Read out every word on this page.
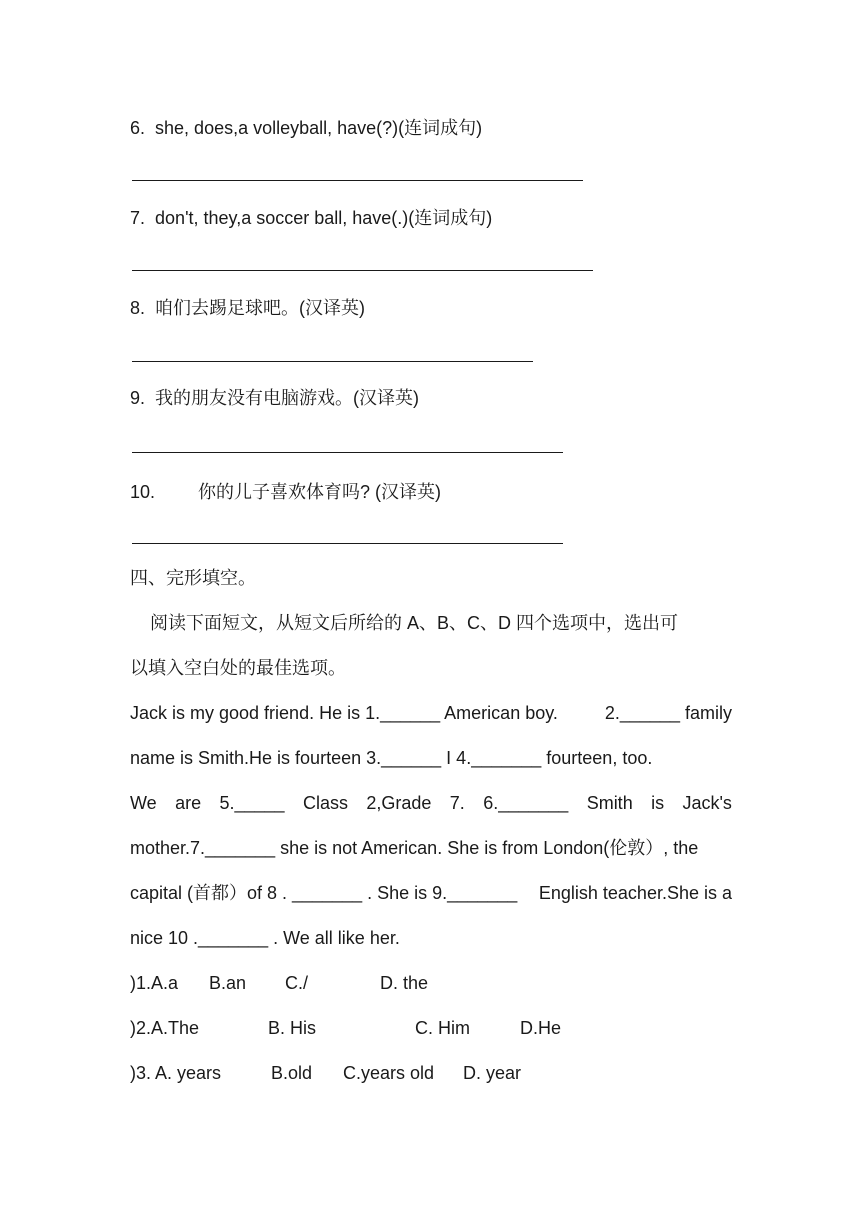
6. she, does,a volleyball, have(?)(连词成句)
7. don't, they,a soccer ball, have(.)(连词成句)
8. 咱们去踢足球吧。(汉译英)
9. 我的朋友没有电脑游戏。(汉译英)
10. 你的儿子喜欢体育吗? (汉译英)
四、完形填空。
阅读下面短文，从短文后所给的 A、B、C、D 四个选项中，选出可
以填入空白处的最佳选项。
Jack is my good friend. He is 1.______ American boy.	2.______ family
name is Smith.He is fourteen 3.______ I 4._______ fourteen, too.
We are 5._____ Class 2,Grade 7. 6._______ Smith is Jack's
mother.7._______ she is not American. She is from London(伦敦）, the
capital (首都）of 8 . _______ . She is 9._______ English teacher.She is a
nice 10 ._______ . We all like her.
)1.A.a B.an C./	D. the
)2.A.The	B. His	C. Him	D.He
)3. A. years	B.old C.years old D. year
